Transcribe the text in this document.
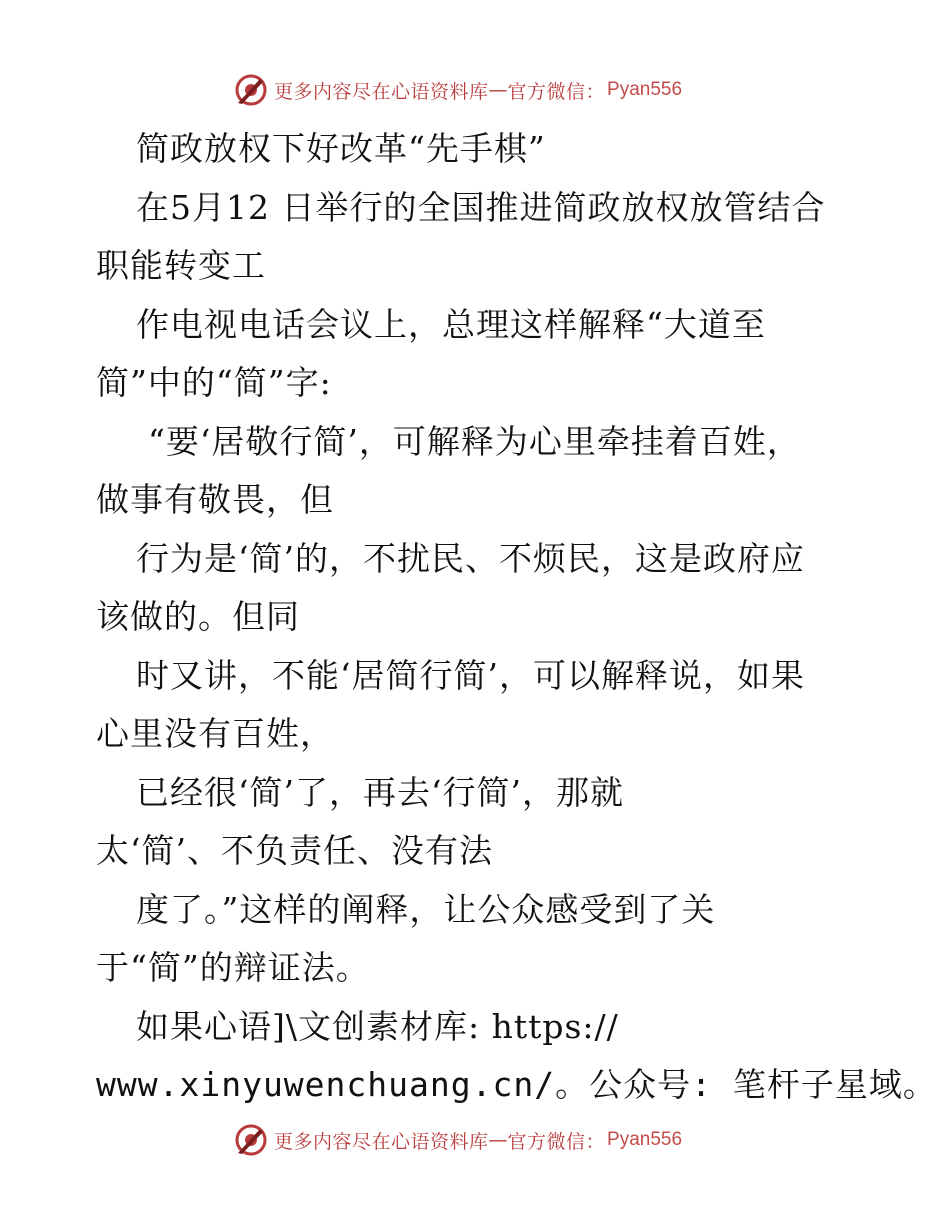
更多内容尽在心语资料库 — 官方微信： Pyan556
简政放权下好改革“先手棋”
在5月12 日举行的全国推进简政放权放管结合
职能转变工
作电视电话会议上，总理这样解释“大道至
简”中的“简”字:
“要‘居敬行简’，可解释为心里牵挂着百姓，
做事有敬畏，但
行为是‘简’的，不扰民、不烦民，这是政府应
该做的。但同
时又讲，不能‘居简行简’，可以解释说，如果
心里没有百姓，
已经很‘简’了，再去‘行简’，那就
太‘简’、不负责任、没有法
度了。”这样的阐释，让公众感受到了关
于“简”的辩证法。
如果心语]\文创素材库: https://
www.xinyuwenchuang.cn/。公众号: 笔杆子星域。
更多内容尽在心语资料库 — 官方微信： Pyan556
